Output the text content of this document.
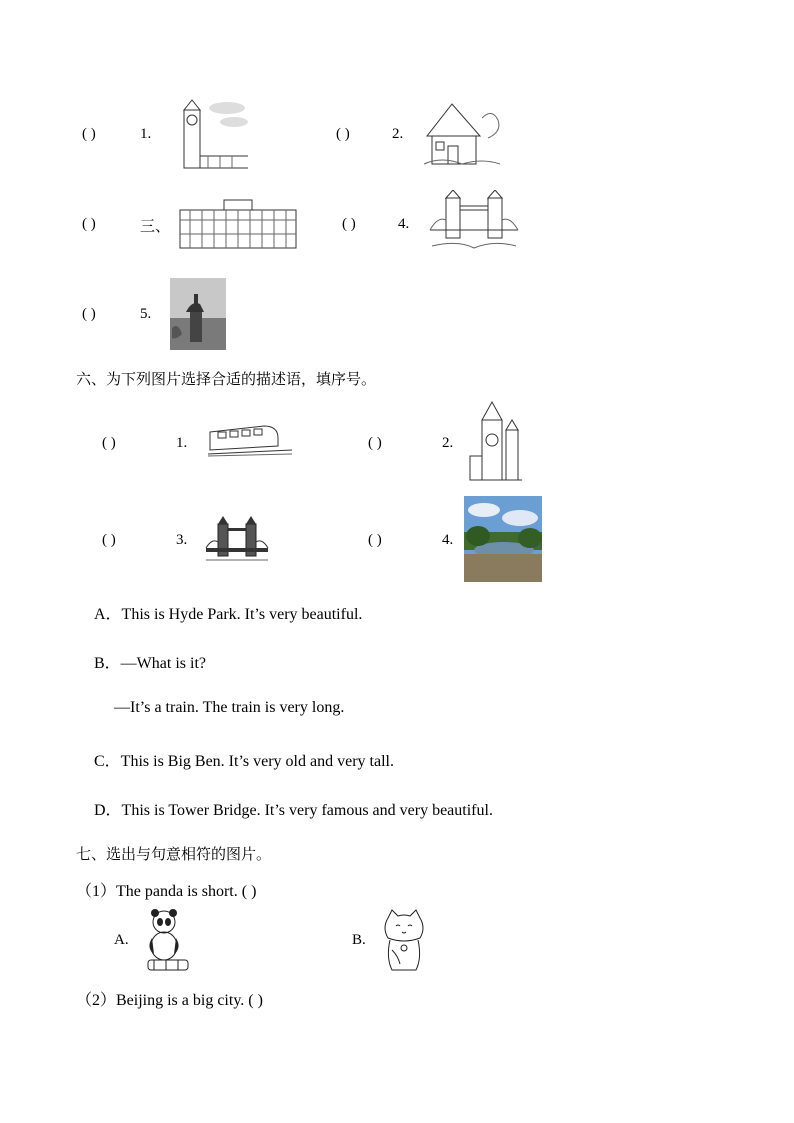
( )	1.	( )	2.
( )	三、	( )	4.
( )	5.
六、为下列图片选择合适的描述语，填序号。
( )	1.	( )	2.
( )	3.	( )	4.
A．This is Hyde Park. It’s very beautiful.
B．—What is it?
—It’s a train. The train is very long.
C．This is Big Ben. It’s very old and very tall.
D．This is Tower Bridge. It’s very famous and very beautiful.
七、选出与句意相符的图片。
（1）The panda is short. ( )
A.	B.
（2）Beijing is a big city. ( )
